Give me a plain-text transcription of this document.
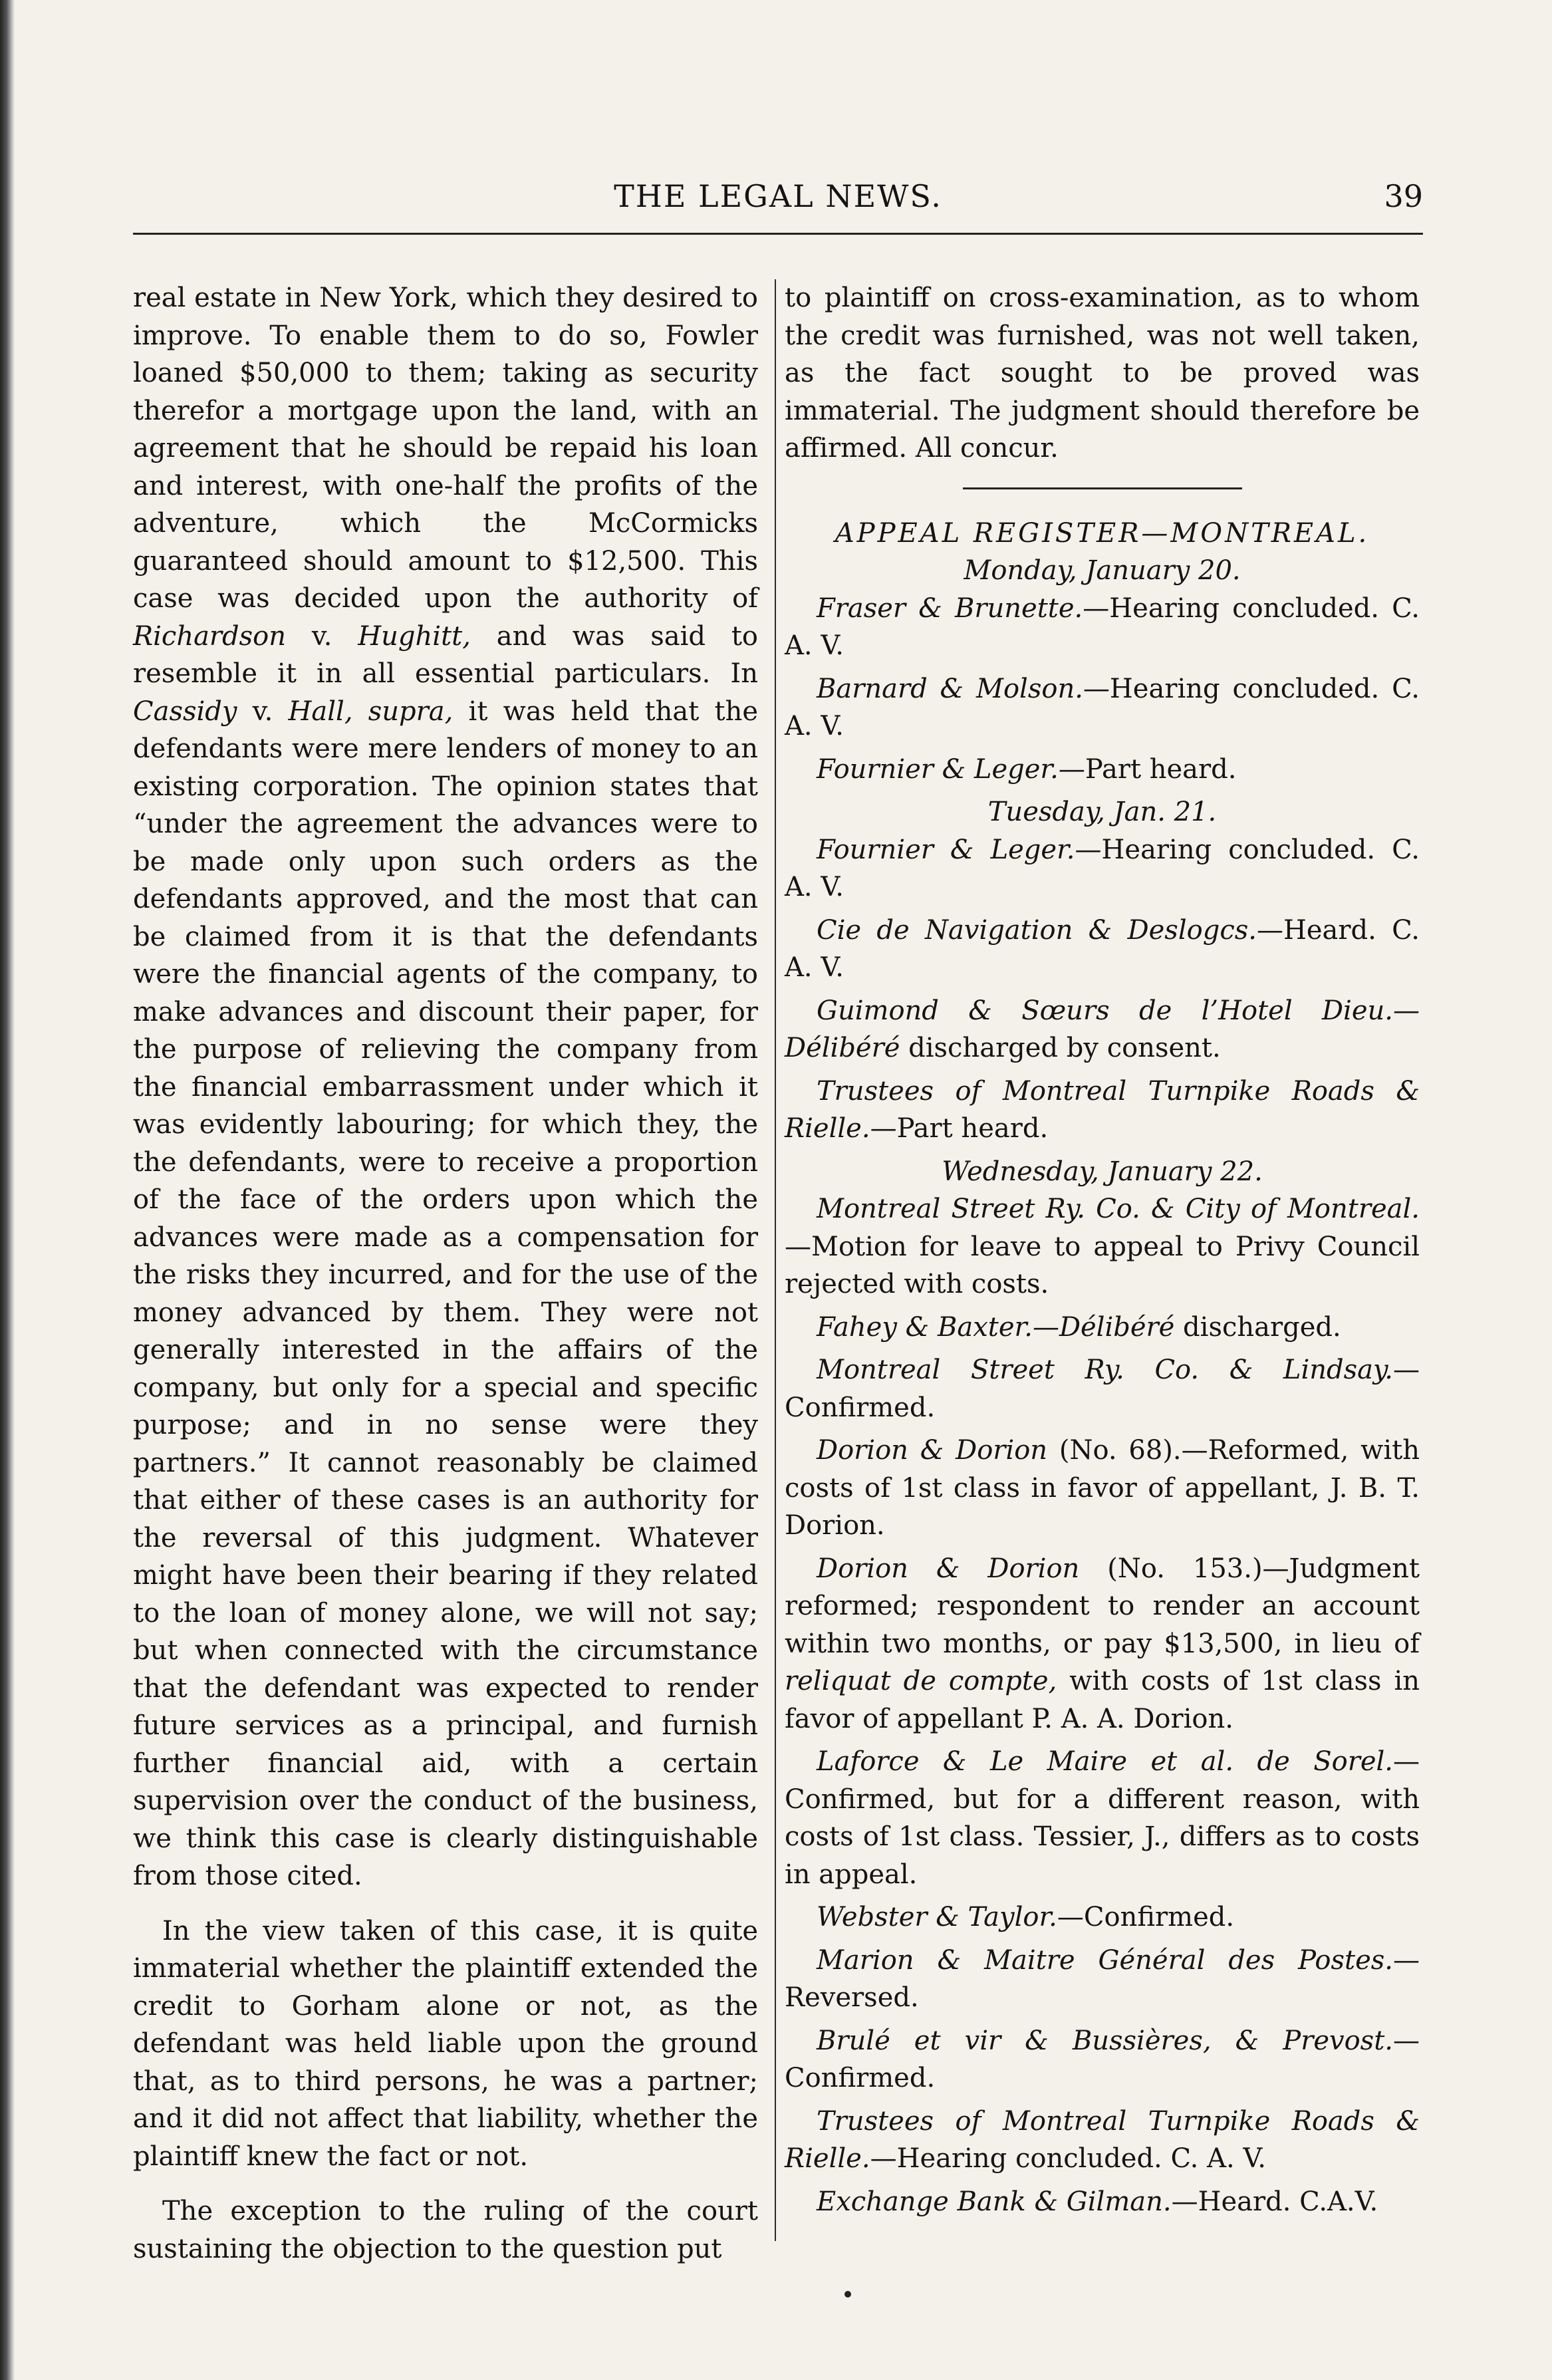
THE LEGAL NEWS.	39

real estate in New York, which they desired to improve. To enable them to do so, Fowler loaned $50,000 to them; taking as security therefor a mortgage upon the land, with an agreement that he should be repaid his loan and interest, with one-half the profits of the adventure, which the McCormicks guaranteed should amount to $12,500. This case was decided upon the authority of Richardson v. Hughitt, and was said to resemble it in all essential particulars. In Cassidy v. Hall, supra, it was held that the defendants were mere lenders of money to an existing corporation. The opinion states that “under the agreement the advances were to be made only upon such orders as the defendants approved, and the most that can be claimed from it is that the defendants were the financial agents of the company, to make advances and discount their paper, for the purpose of relieving the company from the financial embarrassment under which it was evidently labouring; for which they, the the defendants, were to receive a proportion of the face of the orders upon which the advances were made as a compensation for the risks they incurred, and for the use of the money advanced by them. They were not generally interested in the affairs of the company, but only for a special and specific purpose; and in no sense were they partners.” It cannot reasonably be claimed that either of these cases is an authority for the reversal of this judgment. Whatever might have been their bearing if they related to the loan of money alone, we will not say; but when connected with the circumstance that the defendant was expected to render future services as a principal, and furnish further financial aid, with a certain supervision over the conduct of the business, we think this case is clearly distinguishable from those cited.

In the view taken of this case, it is quite immaterial whether the plaintiff extended the credit to Gorham alone or not, as the defendant was held liable upon the ground that, as to third persons, he was a partner; and it did not affect that liability, whether the plaintiff knew the fact or not.

The exception to the ruling of the court sustaining the objection to the question put

to plaintiff on cross-examination, as to whom the credit was furnished, was not well taken, as the fact sought to be proved was immaterial. The judgment should therefore be affirmed. All concur.

APPEAL REGISTER—MONTREAL.

Monday, January 20.

Fraser & Brunette.—Hearing concluded. C. A. V.

Barnard & Molson.—Hearing concluded. C. A. V.

Fournier & Leger.—Part heard.

Tuesday, Jan. 21.

Fournier & Leger.—Hearing concluded. C. A. V.

Cie de Navigation & Deslogcs.—Heard. C. A. V.

Guimond & Sœurs de l’Hotel Dieu.—Délibéré discharged by consent.

Trustees of Montreal Turnpike Roads & Rielle.—Part heard.

Wednesday, January 22.

Montreal Street Ry. Co. & City of Montreal.—Motion for leave to appeal to Privy Council rejected with costs.

Fahey & Baxter.—Délibéré discharged.

Montreal Street Ry. Co. & Lindsay.—Confirmed.

Dorion & Dorion (No. 68).—Reformed, with costs of 1st class in favor of appellant, J. B. T. Dorion.

Dorion & Dorion (No. 153.)—Judgment reformed; respondent to render an account within two months, or pay $13,500, in lieu of reliquat de compte, with costs of 1st class in favor of appellant P. A. A. Dorion.

Laforce & Le Maire et al. de Sorel.—Confirmed, but for a different reason, with costs of 1st class. Tessier, J., differs as to costs in appeal.

Webster & Taylor.—Confirmed.

Marion & Maitre Général des Postes.—Reversed.

Brulé et vir & Bussières, & Prevost.—Confirmed.

Trustees of Montreal Turnpike Roads & Rielle.—Hearing concluded. C. A. V.

Exchange Bank & Gilman.—Heard. C.A.V.
